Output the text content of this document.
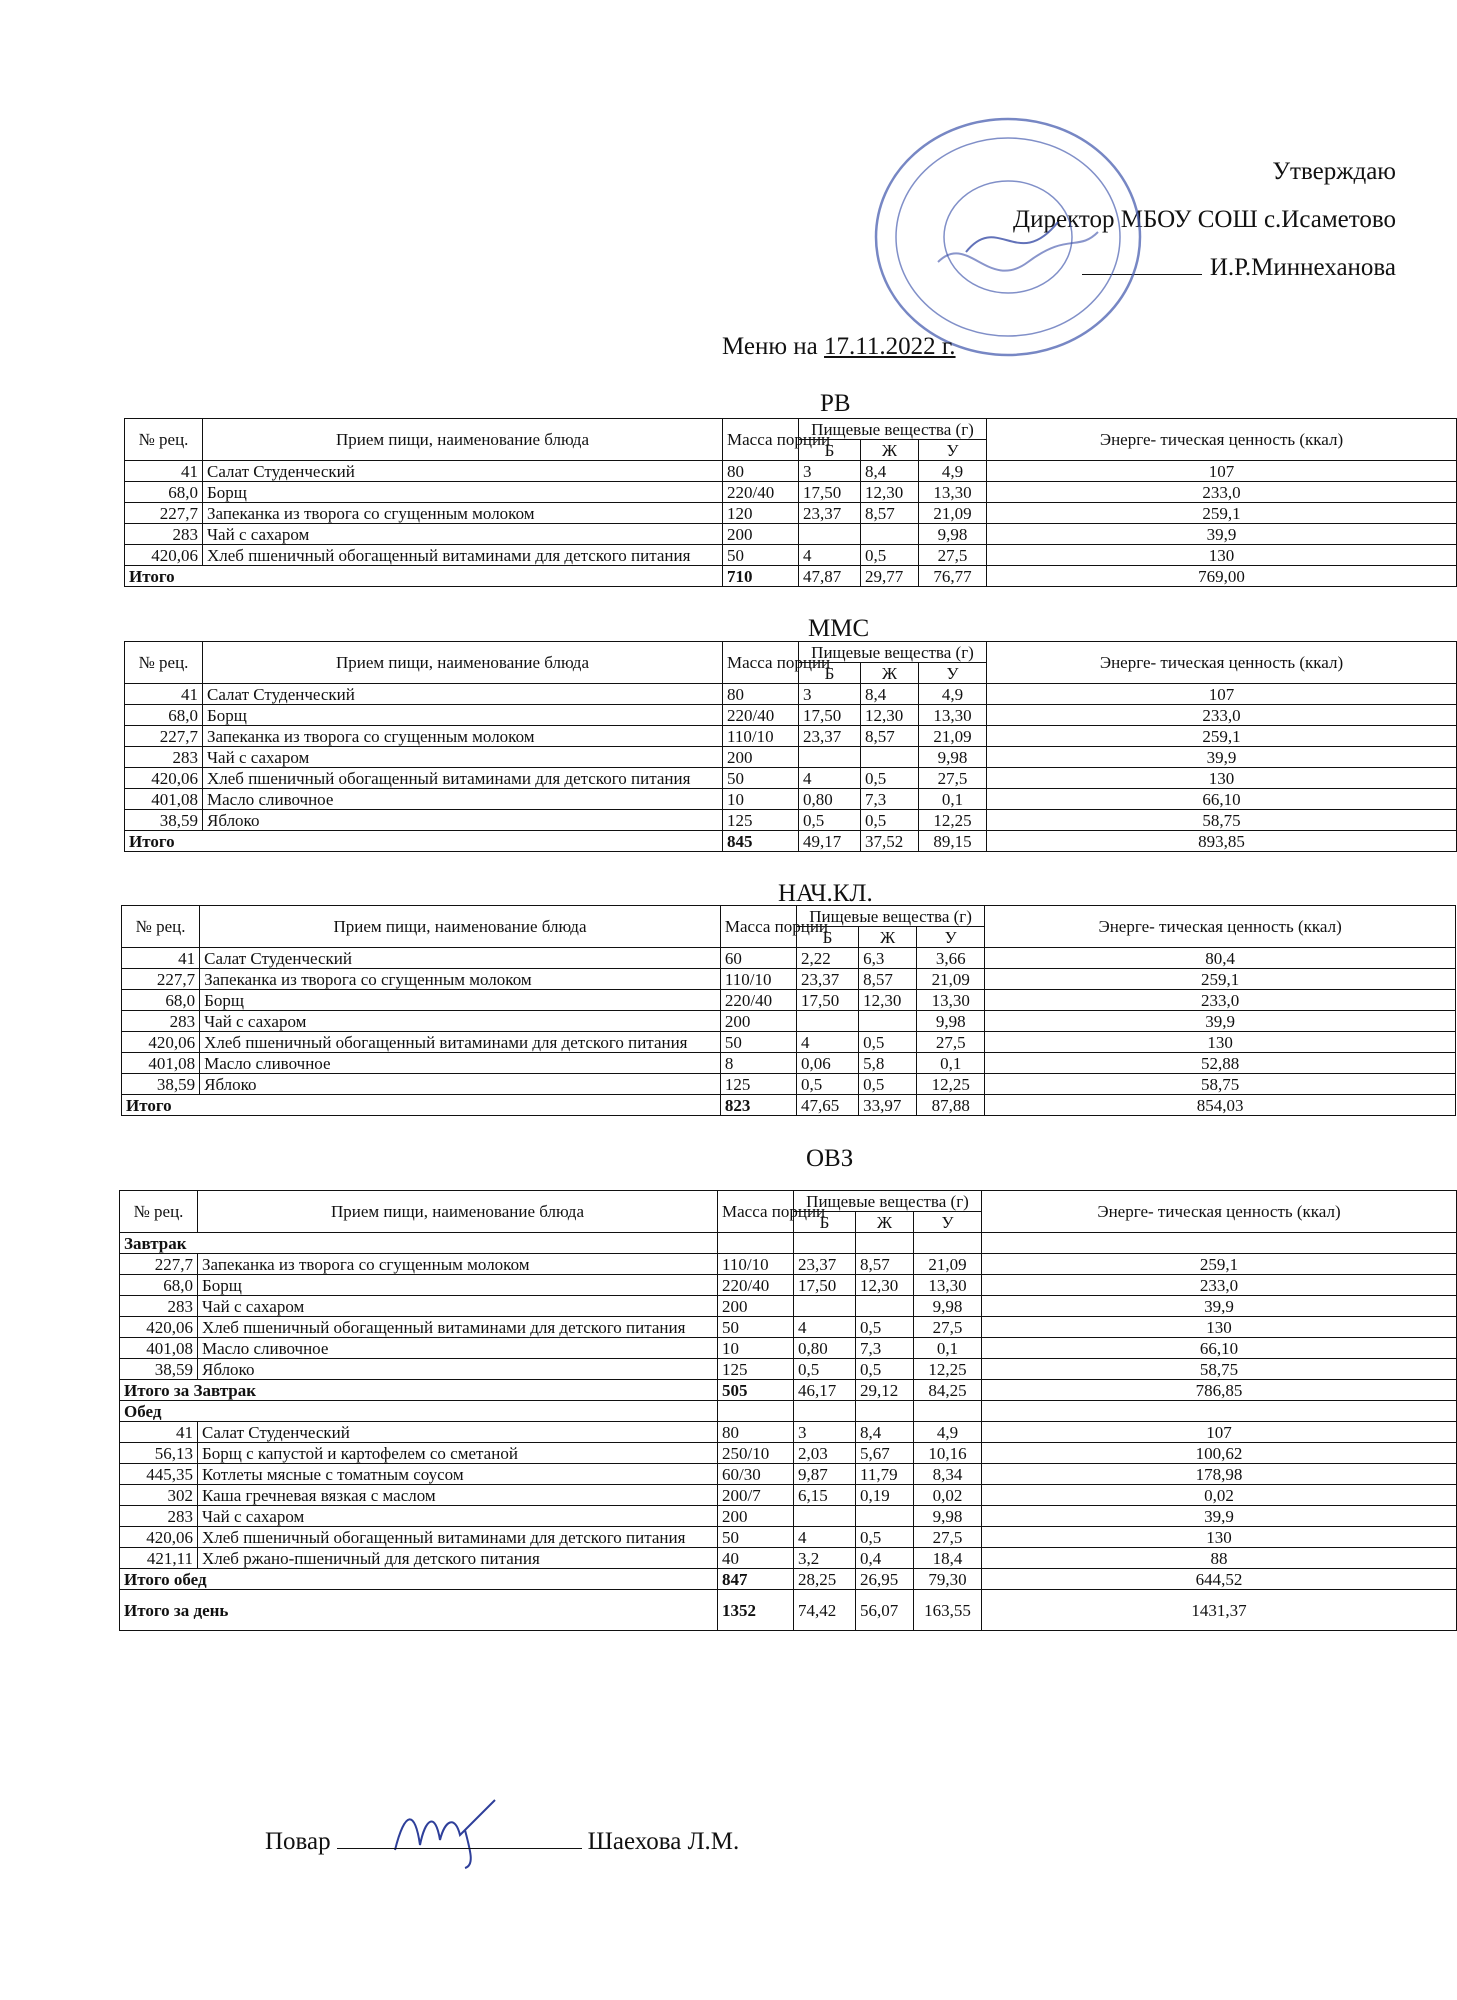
Утверждаю
Директор МБОУ СОШ с.Исаметово
И.Р.Миннеханова
Меню на 17.11.2022 г.
РВ
ММС
НАЧ.КЛ.
ОВЗ
№ рец.	Прием пищи, наименование блюда	Масса порции	Пищевые вещества (г)			Энерге- тическая ценность (ккал)
			Б	Ж	У	
41	Салат Студенческий	80	3	8,4	4,9	107
68,0	Борщ	220/40	17,50	12,30	13,30	233,0
227,7	Запеканка из творога со сгущенным молоком	120	23,37	8,57	21,09	259,1
283	Чай с сахаром	200			9,98	39,9
420,06	Хлеб пшеничный обогащенный витаминами для детского питания	50	4	0,5	27,5	130
Итого		710	47,87	29,77	76,77	769,00
№ рец.	Прием пищи, наименование блюда	Масса порции	Пищевые вещества (г)			Энерге- тическая ценность (ккал)
			Б	Ж	У	
41	Салат Студенческий	80	3	8,4	4,9	107
68,0	Борщ	220/40	17,50	12,30	13,30	233,0
227,7	Запеканка из творога со сгущенным молоком	110/10	23,37	8,57	21,09	259,1
283	Чай с сахаром	200			9,98	39,9
420,06	Хлеб пшеничный обогащенный витаминами для детского питания	50	4	0,5	27,5	130
401,08	Масло сливочное	10	0,80	7,3	0,1	66,10
38,59	Яблоко	125	0,5	0,5	12,25	58,75
Итого		845	49,17	37,52	89,15	893,85
№ рец.	Прием пищи, наименование блюда	Масса порции	Пищевые вещества (г)			Энерге- тическая ценность (ккал)
			Б	Ж	У	
41	Салат Студенческий	60	2,22	6,3	3,66	80,4
227,7	Запеканка из творога со сгущенным молоком	110/10	23,37	8,57	21,09	259,1
68,0	Борщ	220/40	17,50	12,30	13,30	233,0
283	Чай с сахаром	200			9,98	39,9
420,06	Хлеб пшеничный обогащенный витаминами для детского питания	50	4	0,5	27,5	130
401,08	Масло сливочное	8	0,06	5,8	0,1	52,88
38,59	Яблоко	125	0,5	0,5	12,25	58,75
Итого		823	47,65	33,97	87,88	854,03
№ рец.	Прием пищи, наименование блюда	Масса порции	Пищевые вещества (г)			Энерге- тическая ценность (ккал)
			Б	Ж	У	
Завтрак						
227,7	Запеканка из творога со сгущенным молоком	110/10	23,37	8,57	21,09	259,1
68,0	Борщ	220/40	17,50	12,30	13,30	233,0
283	Чай с сахаром	200			9,98	39,9
420,06	Хлеб пшеничный обогащенный витаминами для детского питания	50	4	0,5	27,5	130
401,08	Масло сливочное	10	0,80	7,3	0,1	66,10
38,59	Яблоко	125	0,5	0,5	12,25	58,75
Итого за Завтрак		505	46,17	29,12	84,25	786,85
Обед						
41	Салат Студенческий	80	3	8,4	4,9	107
56,13	Борщ с капустой и картофелем со сметаной	250/10	2,03	5,67	10,16	100,62
445,35	Котлеты мясные с томатным соусом	60/30	9,87	11,79	8,34	178,98
302	Каша гречневая вязкая с маслом	200/7	6,15	0,19	0,02	0,02
283	Чай с сахаром	200			9,98	39,9
420,06	Хлеб пшеничный обогащенный витаминами для детского питания	50	4	0,5	27,5	130
421,11	Хлеб ржано-пшеничный для детского питания	40	3,2	0,4	18,4	88
Итого обед		847	28,25	26,95	79,30	644,52
Итого за день		1352	74,42	56,07	163,55	1431,37
Повар	Шаехова Л.М.
